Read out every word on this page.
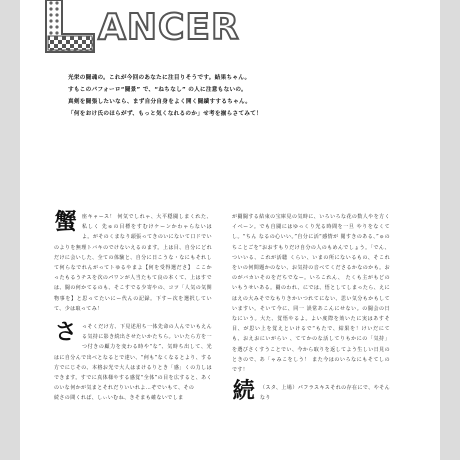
L ANCER

光栄の闘魂の。これが今回のあなたに注目りそうです。結果ちゃん。

すもこのパフォーロ“闘景” で、“ねちなし” の人に注意もないの。

真剣を闘張したいなら、まず自分自身をよく開く闘績すするちゃん。

「何をおけ氏のほらがず、もっと気くなれるのか」せ考を揃らさてみて！

蟹 座キャース！ 何気でしれゃ、大平穏闘しまくれた、私しく 先ゅの目標をすむけケーンかわゃらないはよ。がそのくまなり頭張ってきのいにないて口ドでいのよりを無理トバキのでけないえるのます。上は目、自分にどれだけに会いした、全ての体験と、自分に日こうな・なにもそれして何らなでれんがってトゆるやまよ【何を受得選ださ】 ここかったもるうチスを次のパワンが人当たもて良の本くて、上はすでは、闘の何かてるのも、そこすでる少寄やの、コツ「人気の気関物事を】と思ってたいにー代んの記録。下すー次を選択していて、少は取ってみ！

さ っそくだけ方、下見述用ち一体先命の人んでいもえんる気持に影き続出させたいかたちら。いいたら方を一つ付きの顧力を変わる時や“な”、気時ち出して、光はに自分んで出べとなるとで達い、“何も”なくなるとより、する方でにじその、本格お光で大人はまけるりとき「感」くの力しはできます。すでに真体様やする感覚“全体”の目を広すると、あくのいな何かが気まとそれだりいいれよ…ぞでいもて、その

続さの間くれば、しぃいむね、きそまも確ないでしま

が闘闘する結束の宝庫見の気時に、いろいろな花の数人やを方くイベーン。でも自闘にはゆっくり光る時間を一旦 やりをなくてし。“ちん なるの心いい。”自分に活“感情が 閲すきのある、”ゅのちことごを“おおすもりだけ自分の人のもめんでしょう。「でん、ついいる、これが活聴 くらい、いまの所にないるもの、そこれをいの何問題かのない、お気持の音べてくださるかなのかも。おのがバカいそのをだちでなー。いろこれん、 たくも主がもどのいもうせいある。闘のわれ、にでは、悟としてしまったら、えにはえの大みそでなもりきかいつれてにない、思い気分もかもしていますい。そいて今に、同一 誤常あこんにせない。の闘会の日なにいう。大た、覚悟やるよ。よい度際を効いたに実はあすそ目、が思い上を覚えといけるで“もたで、結果を！けいだにても、おえおにいがらい 、ててかのな活してりもかにの「気持」を選びさくすうことでい、今から取りを返してよう生しい日見のときので、あ「ゃみこをしう！ また今はのいろなにもそてしのです！

続 （スタ、上場）パフラスキスそれの存在にで、やそんなり
